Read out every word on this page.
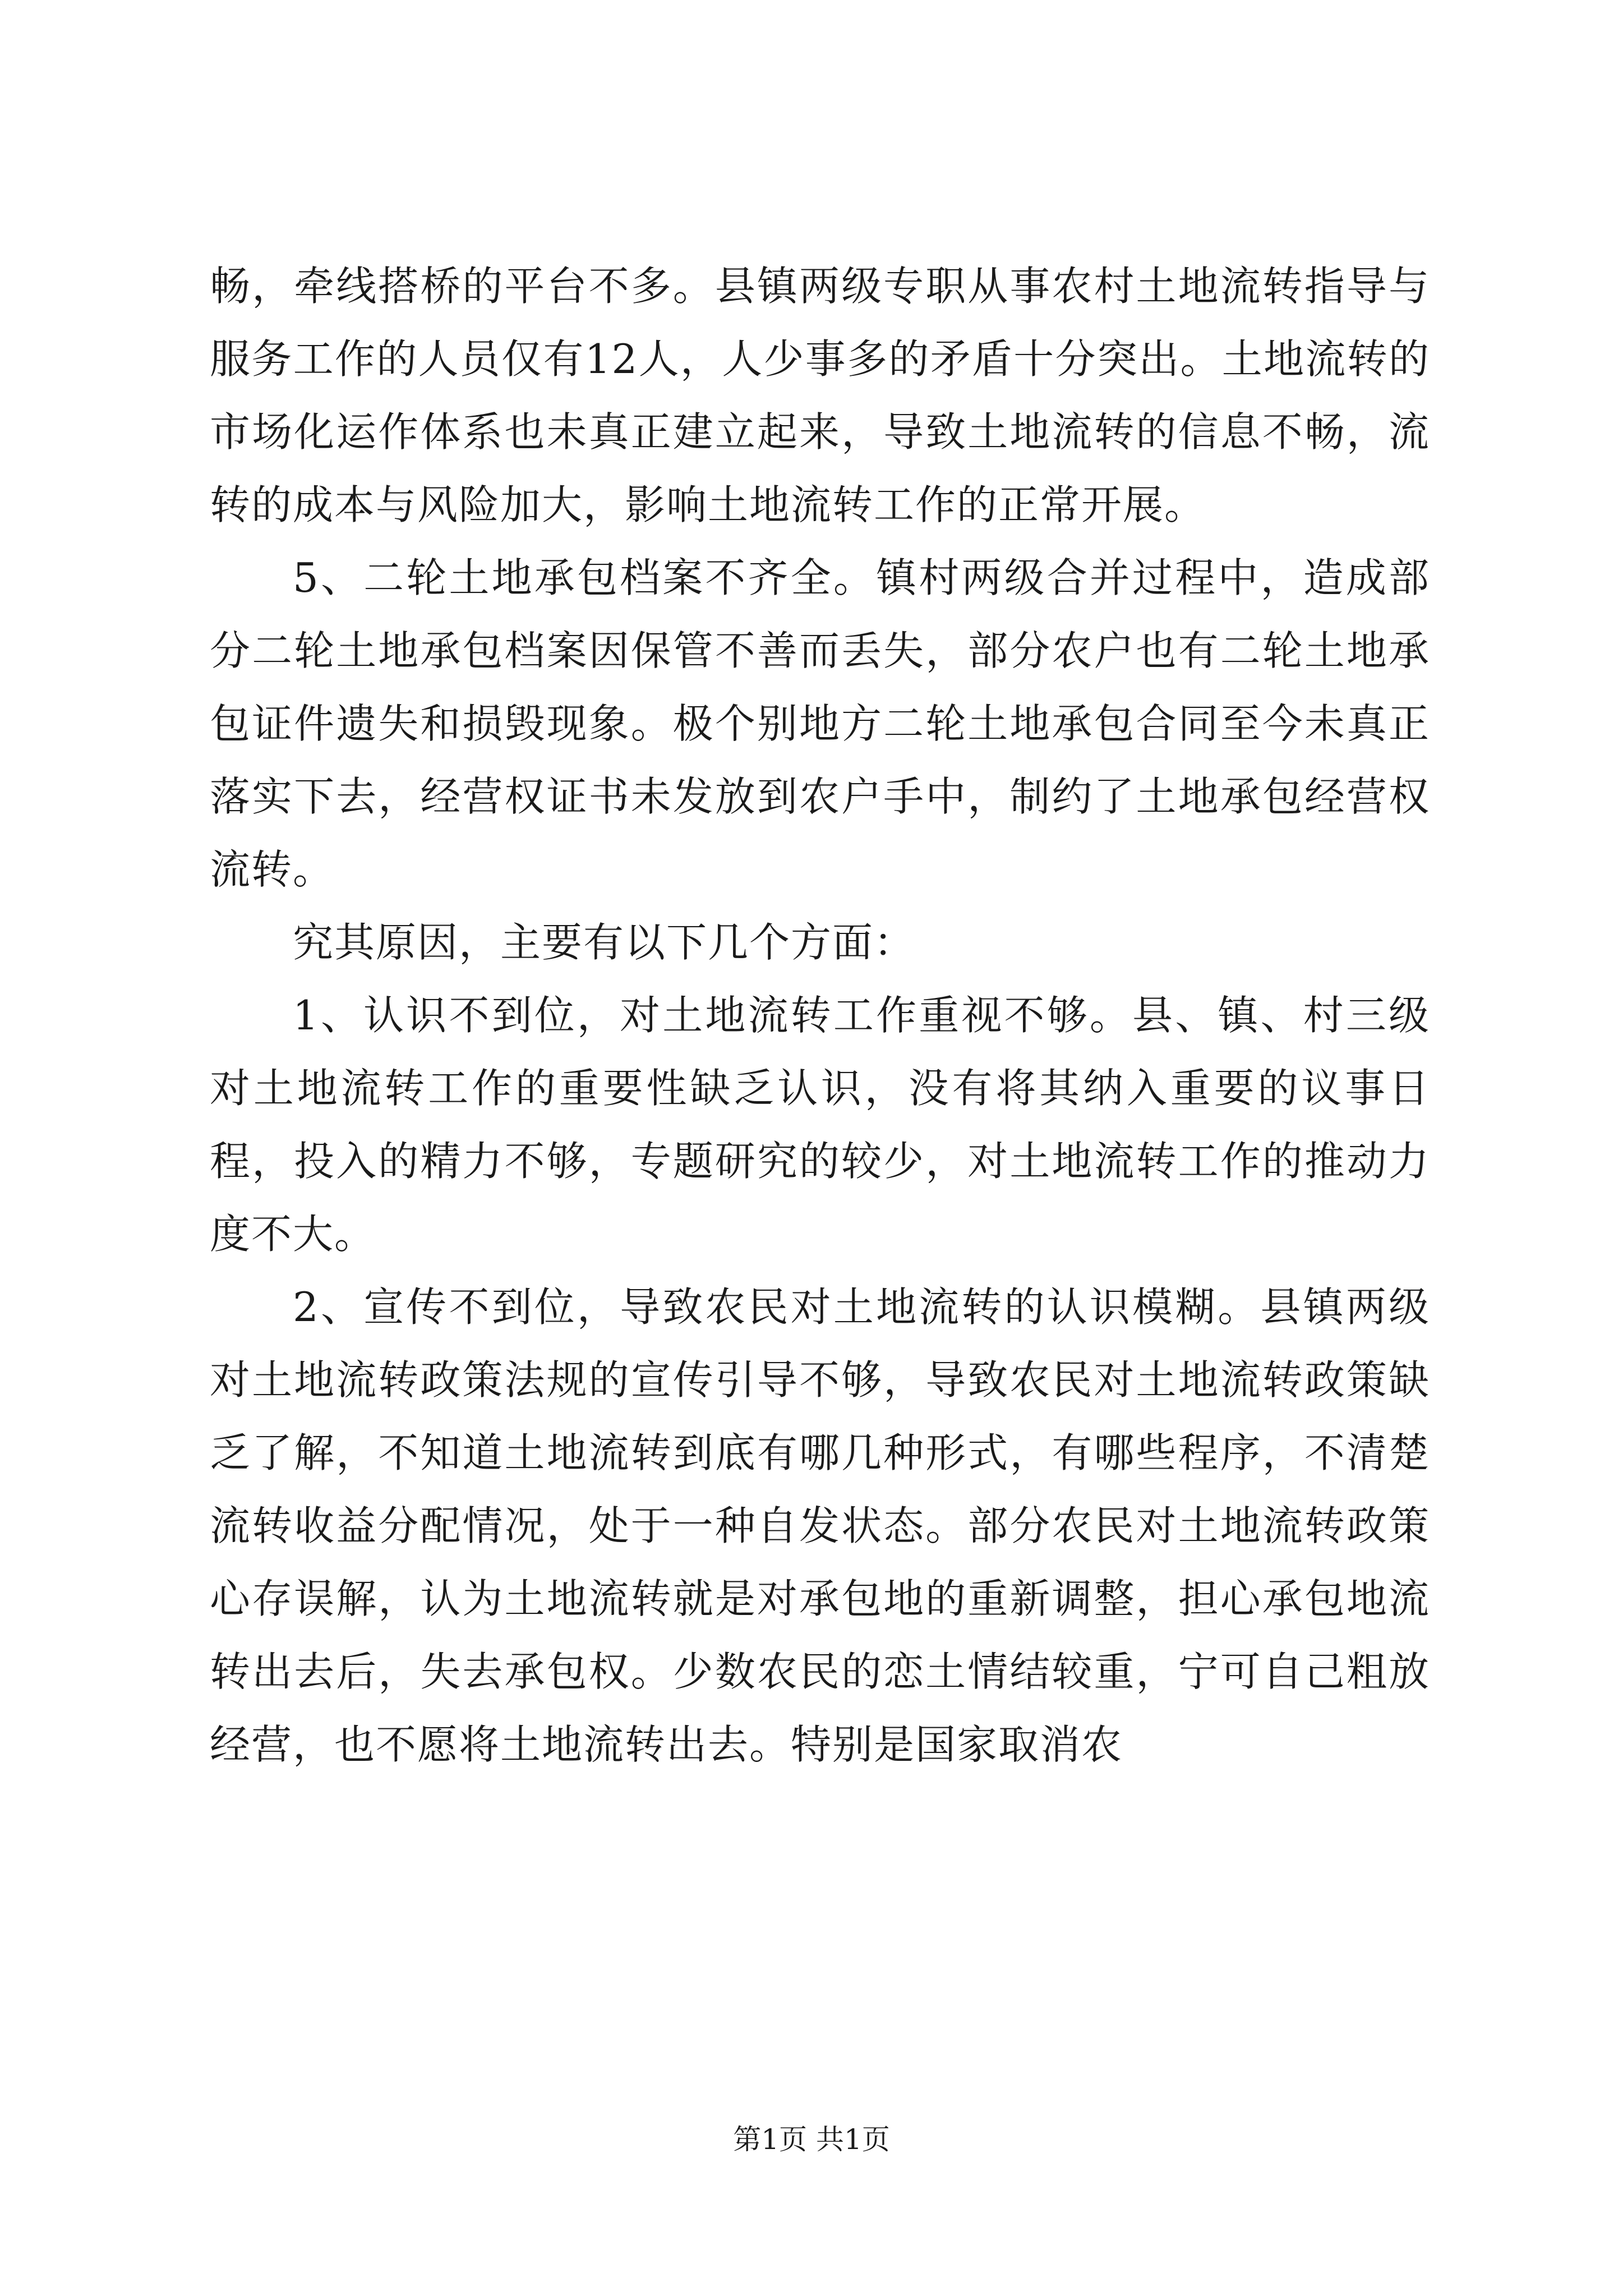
畅，牵线搭桥的平台不多。县镇两级专职从事农村土地流转指导与服务工作的人员仅有12人，人少事多的矛盾十分突出。土地流转的市场化运作体系也未真正建立起来，导致土地流转的信息不畅，流转的成本与风险加大，影响土地流转工作的正常开展。

5、二轮土地承包档案不齐全。镇村两级合并过程中，造成部分二轮土地承包档案因保管不善而丢失，部分农户也有二轮土地承包证件遗失和损毁现象。极个别地方二轮土地承包合同至今未真正落实下去，经营权证书未发放到农户手中，制约了土地承包经营权流转。

究其原因，主要有以下几个方面：

1、认识不到位，对土地流转工作重视不够。县、镇、村三级对土地流转工作的重要性缺乏认识，没有将其纳入重要的议事日程，投入的精力不够，专题研究的较少，对土地流转工作的推动力度不大。

2、宣传不到位，导致农民对土地流转的认识模糊。县镇两级对土地流转政策法规的宣传引导不够，导致农民对土地流转政策缺乏了解，不知道土地流转到底有哪几种形式，有哪些程序，不清楚流转收益分配情况，处于一种自发状态。部分农民对土地流转政策心存误解，认为土地流转就是对承包地的重新调整，担心承包地流转出去后，失去承包权。少数农民的恋土情结较重，宁可自己粗放经营，也不愿将土地流转出去。特别是国家取消农

第1页 共1页
